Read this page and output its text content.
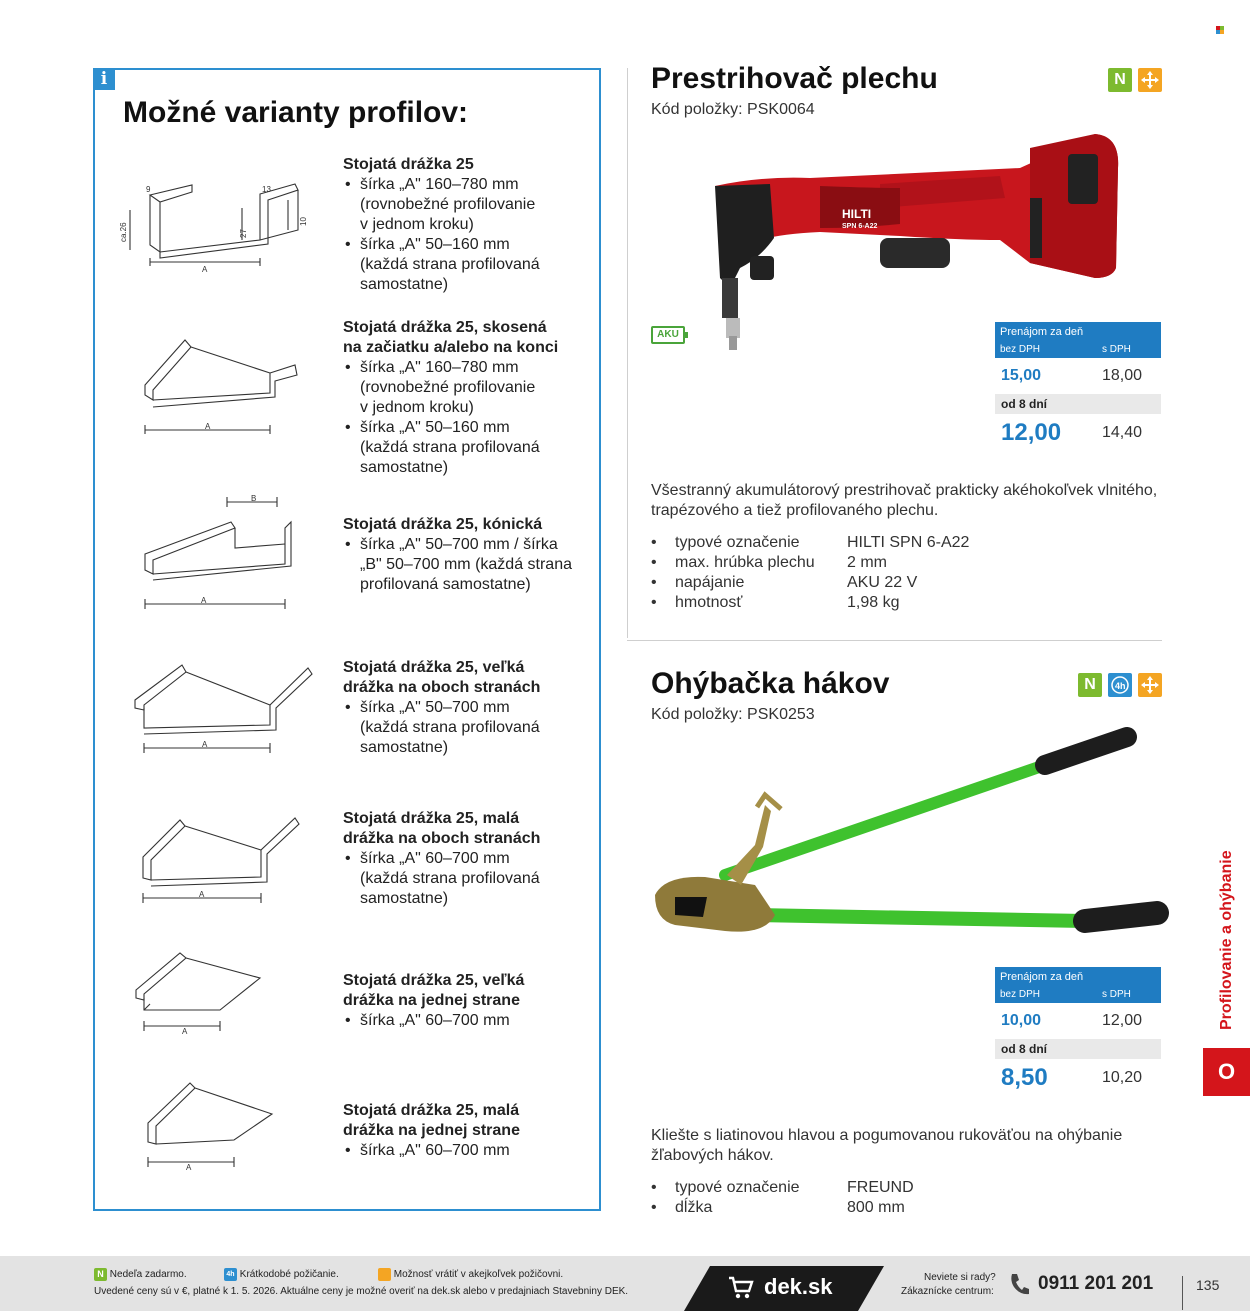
i
Možné varianty profilov:
A
9	13
ca.26	27
10
Stojatá drážka 25
• šírka „A" 160–780 mm
(rovnobežné profilovanie
v jednom kroku)
• šírka „A" 50–160 mm
(každá strana profilovaná
samostatne)
A
Stojatá drážka 25, skosená
na začiatku a/alebo na konci
• šírka „A" 160–780 mm
(rovnobežné profilovanie
v jednom kroku)
• šírka „A" 50–160 mm
(každá strana profilovaná
samostatne)
B
A
Stojatá drážka 25, kónická
• šírka „A" 50–700 mm / šírka
„B" 50–700 mm (každá strana
profilovaná samostatne)
A
Stojatá drážka 25, veľká
drážka na oboch stranách
• šírka „A" 50–700 mm
(každá strana profilovaná
samostatne)
A
Stojatá drážka 25, malá
drážka na oboch stranách
• šírka „A" 60–700 mm
(každá strana profilovaná
samostatne)
A
Stojatá drážka 25, veľká
drážka na jednej strane
• šírka „A" 60–700 mm
A
Stojatá drážka 25, malá
drážka na jednej strane
• šírka „A" 60–700 mm
Prestrihovač plechu
Kód položky: PSK0064
N
HILTI
SPN 6-A22
AKU	Prenájom za deň
bez DPH	s DPH
15,00	18,00
od 8 dní
12,00	14,40
Všestranný akumulátorový prestrihovač prakticky akéhokoľvek vlnitého,
trapézového a tiež profilovaného plechu.
• typové označenie	HILTI SPN 6-A22
• max. hrúbka plechu 2 mm
• napájanie	AKU 22 V
• hmotnosť	1,98 kg
Ohýbačka hákov
Kód položky: PSK0253
N	4h
Prenájom za deň
bez DPH	s DPH
10,00	12,00
od 8 dní
8,50	10,20
Kliešte s liatinovou hlavou a pogumovanou rukoväťou na ohýbanie
žľabových hákov.
• typové označenie	FREUND
• dĺžka	800 mm
Profilovanie a ohýbanie
O
N Nedeľa zadarmo.	4h Krátkodobé požičanie.	Možnosť vrátiť v akejkoľvek požičovni.
Uvedené ceny sú v €, platné k 1. 5. 2026. Aktuálne ceny je možné overiť na dek.sk alebo v predajniach Stavebniny DEK.	dek.sk	Neviete si rady?
Zákaznícke centrum: 0911 201 201	135
